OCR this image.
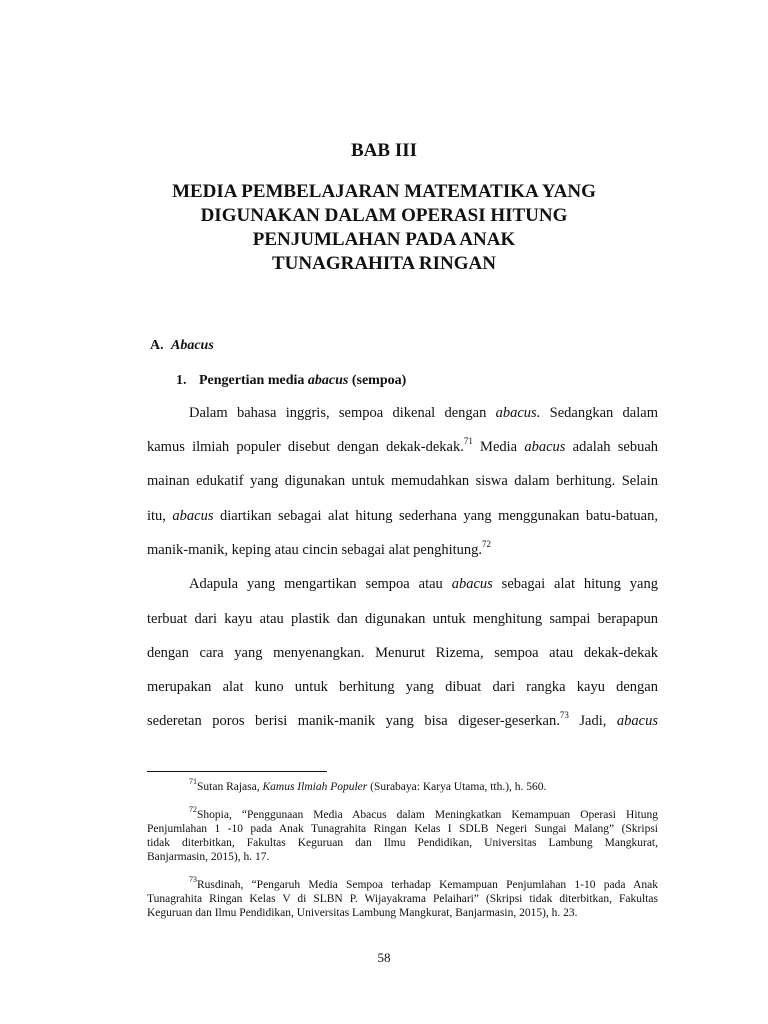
BAB III
MEDIA PEMBELAJARAN MATEMATIKA YANG
DIGUNAKAN DALAM OPERASI HITUNG
PENJUMLAHAN PADA ANAK
TUNAGRAHITA RINGAN
A. Abacus
1. Pengertian media abacus (sempoa)
Dalam bahasa inggris, sempoa dikenal dengan abacus. Sedangkan dalam
kamus ilmiah populer disebut dengan dekak-dekak.$^{71}$ Media abacus adalah sebuah
mainan edukatif yang digunakan untuk memudahkan siswa dalam berhitung. Selain
itu, abacus diartikan sebagai alat hitung sederhana yang menggunakan batu-batuan,
manik-manik, keping atau cincin sebagai alat penghitung.$^{72}$
Adapula yang mengartikan sempoa atau abacus sebagai alat hitung yang
terbuat dari kayu atau plastik dan digunakan untuk menghitung sampai berapapun
dengan cara yang menyenangkan. Menurut Rizema, sempoa atau dekak-dekak
merupakan alat kuno untuk berhitung yang dibuat dari rangka kayu dengan
sederetan poros berisi manik-manik yang bisa digeser-geserkan.$^{73}$ Jadi, abacus
$^{71}$Sutan Rajasa, Kamus Ilmiah Populer (Surabaya: Karya Utama, tth.), h. 560.
$^{72}$Shopia, “Penggunaan Media Abacus dalam Meningkatkan Kemampuan Operasi Hitung
Penjumlahan 1 -10 pada Anak Tunagrahita Ringan Kelas I SDLB Negeri Sungai Malang” (Skripsi
tidak diterbitkan, Fakultas Keguruan dan Ilmu Pendidikan, Universitas Lambung Mangkurat,
Banjarmasin, 2015), h. 17.
$^{73}$Rusdinah, “Pengaruh Media Sempoa terhadap Kemampuan Penjumlahan 1-10 pada Anak
Tunagrahita Ringan Kelas V di SLBN P. Wijayakrama Pelaihari” (Skripsi tidak diterbitkan, Fakultas
Keguruan dan Ilmu Pendidikan, Universitas Lambung Mangkurat, Banjarmasin, 2015), h. 23.
58
